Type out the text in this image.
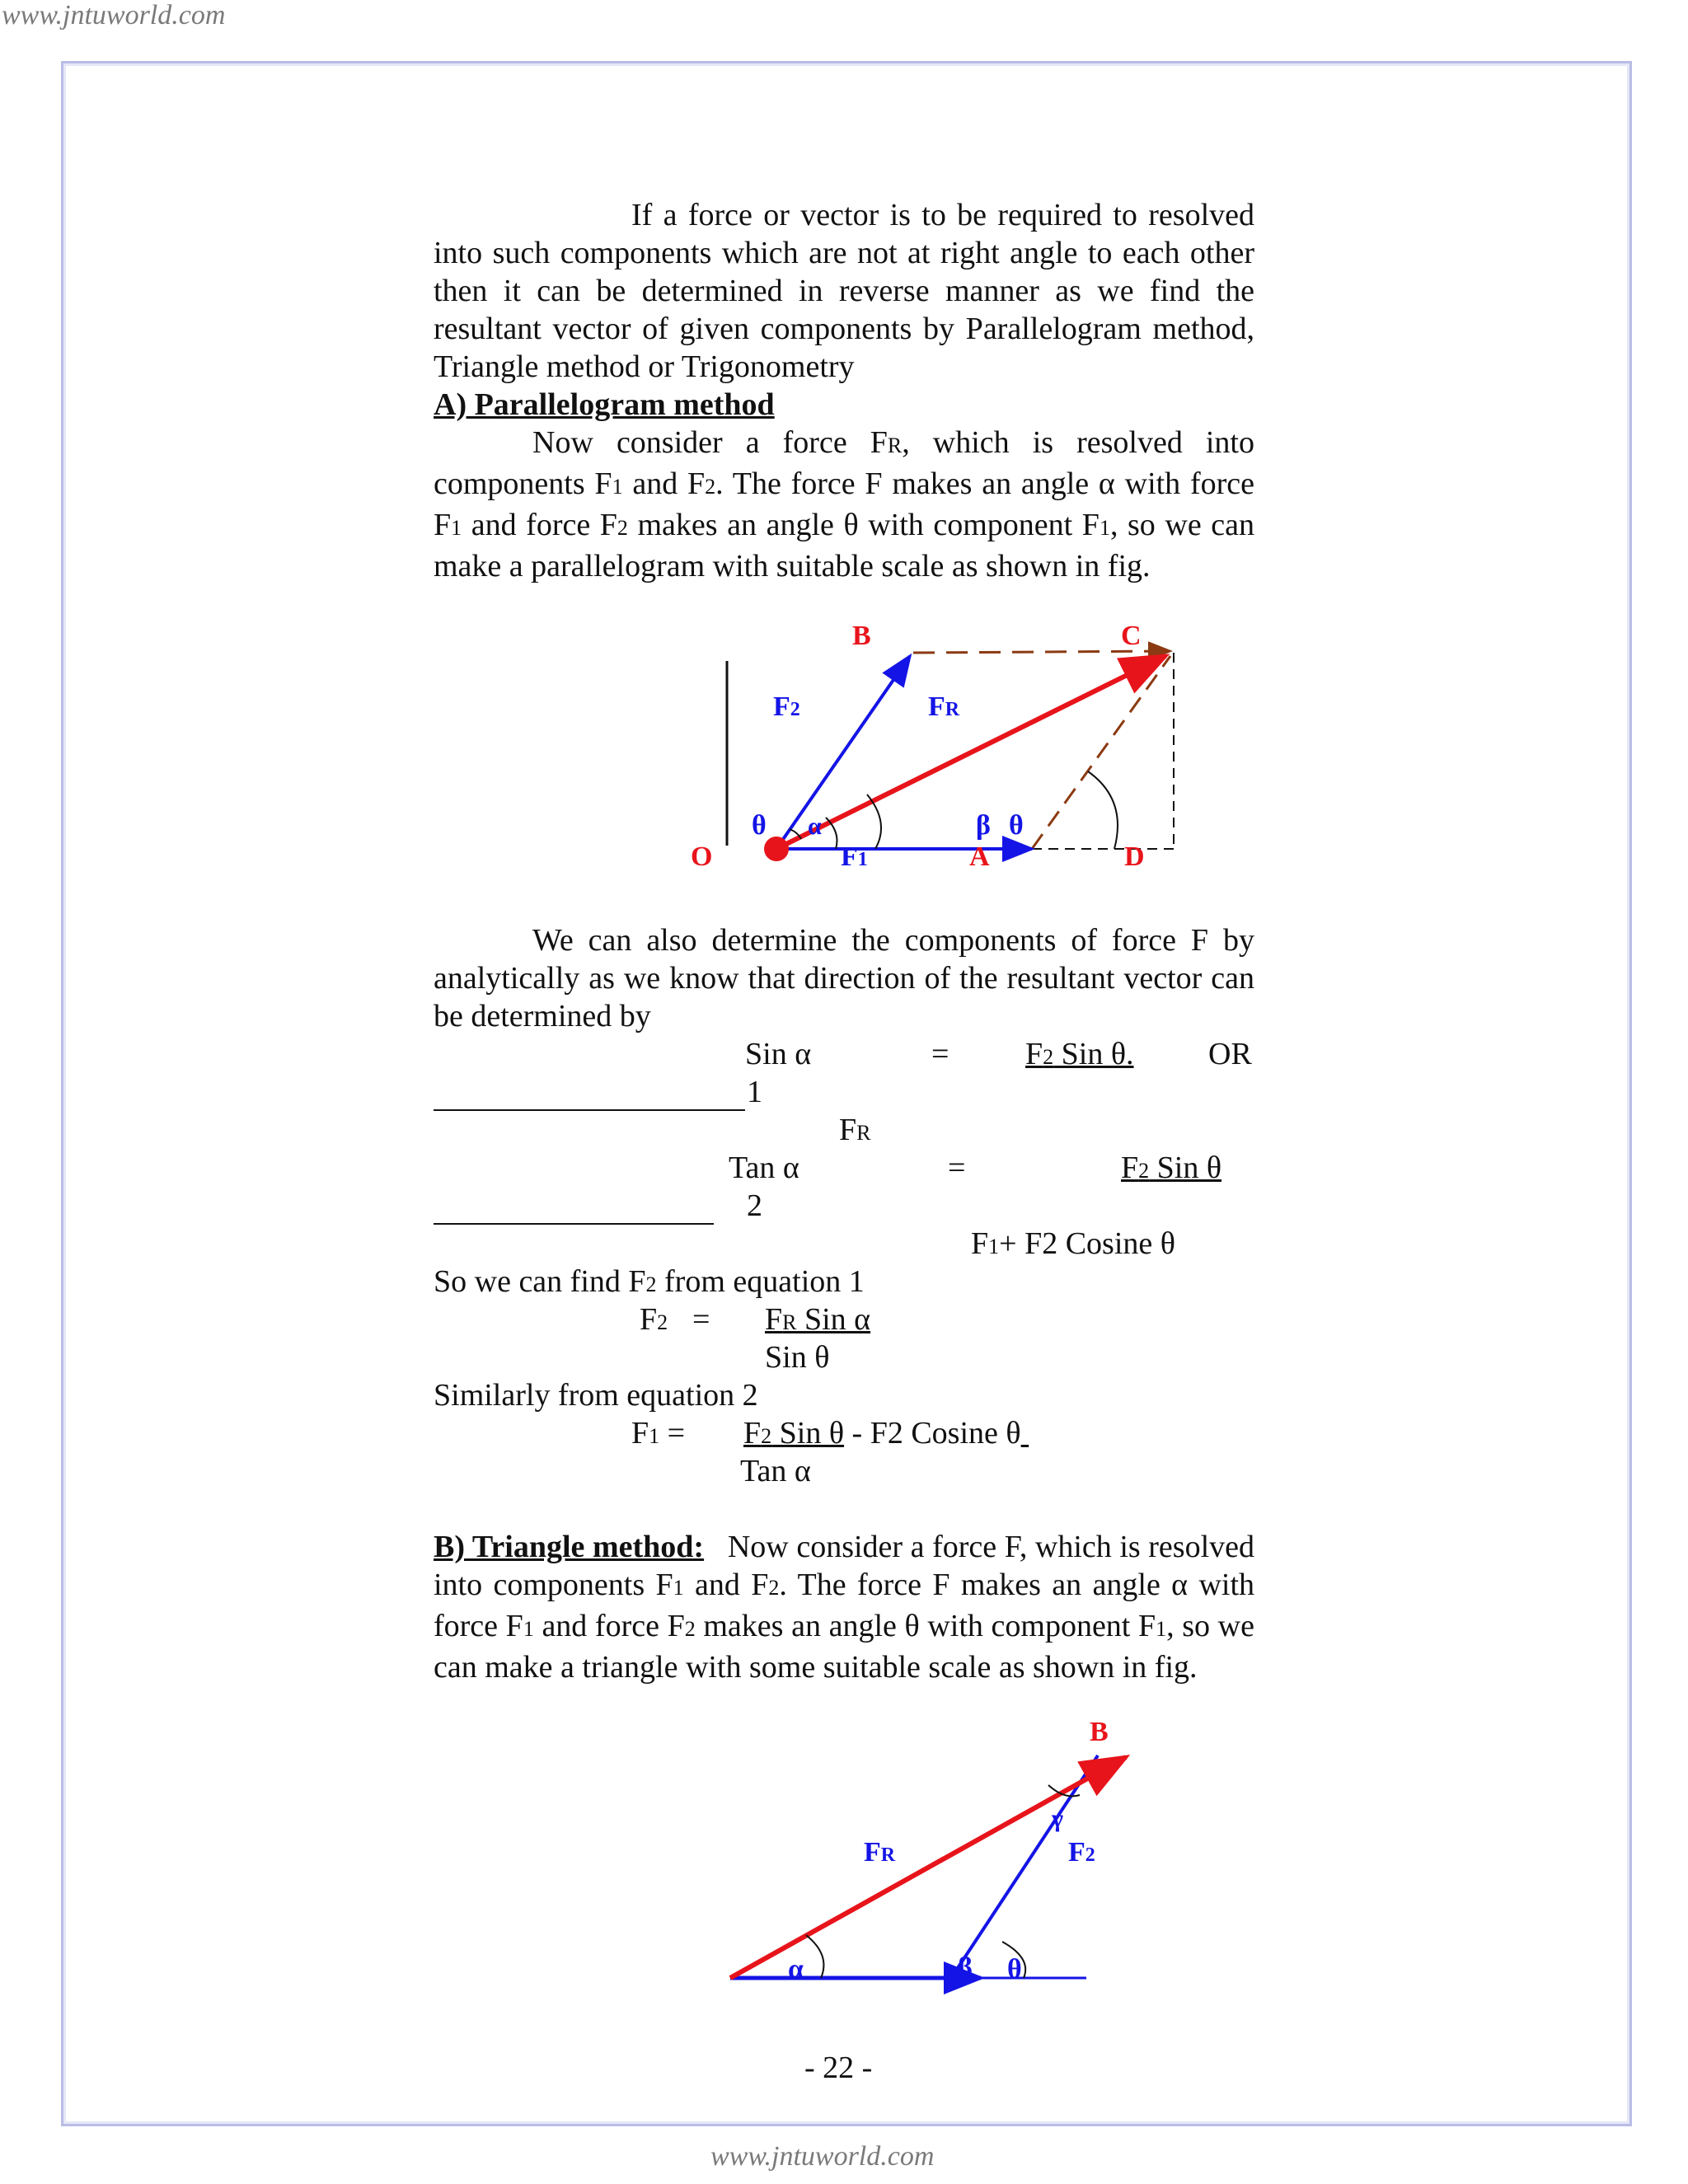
www.jntuworld.com
www.jntuworld.com
If a force or vector is to be required to resolved into such components which are not at right angle to each other then it can be determined in reverse manner as we find the resultant vector of given components by Parallelogram method, Triangle method or Trigonometry
A) Parallelogram method
Now consider a force FR, which is resolved into components F1 and F2. The force F makes an angle α with force F1 and force F2 makes an angle θ with component F1, so we can make a parallelogram with suitable scale as shown in fig.
B	C
O	A	D
F2	FR
F1
θ α	β θ
We can also determine the components of force F by analytically as we know that direction of the resultant vector can be determined by
Sin α	= F2 Sin θ.	OR
1
FR
Tan α	=	F2 Sin θ
2
F1+ F2 Cosine θ
So we can find F2 from equation 1
F2 = FR Sin α
Sin θ
Similarly from equation 2
F1 = F2 Sin θ - F2 Cosine θ
Tan α
B) Triangle method: Now consider a force F, which is resolved into components F1 and F2. The force F makes an angle α with force F1 and force F2 makes an angle θ with component F1, so we can make a triangle with some suitable scale as shown in fig.
B
FR	F2
γ
α	β θ
- 22 -
